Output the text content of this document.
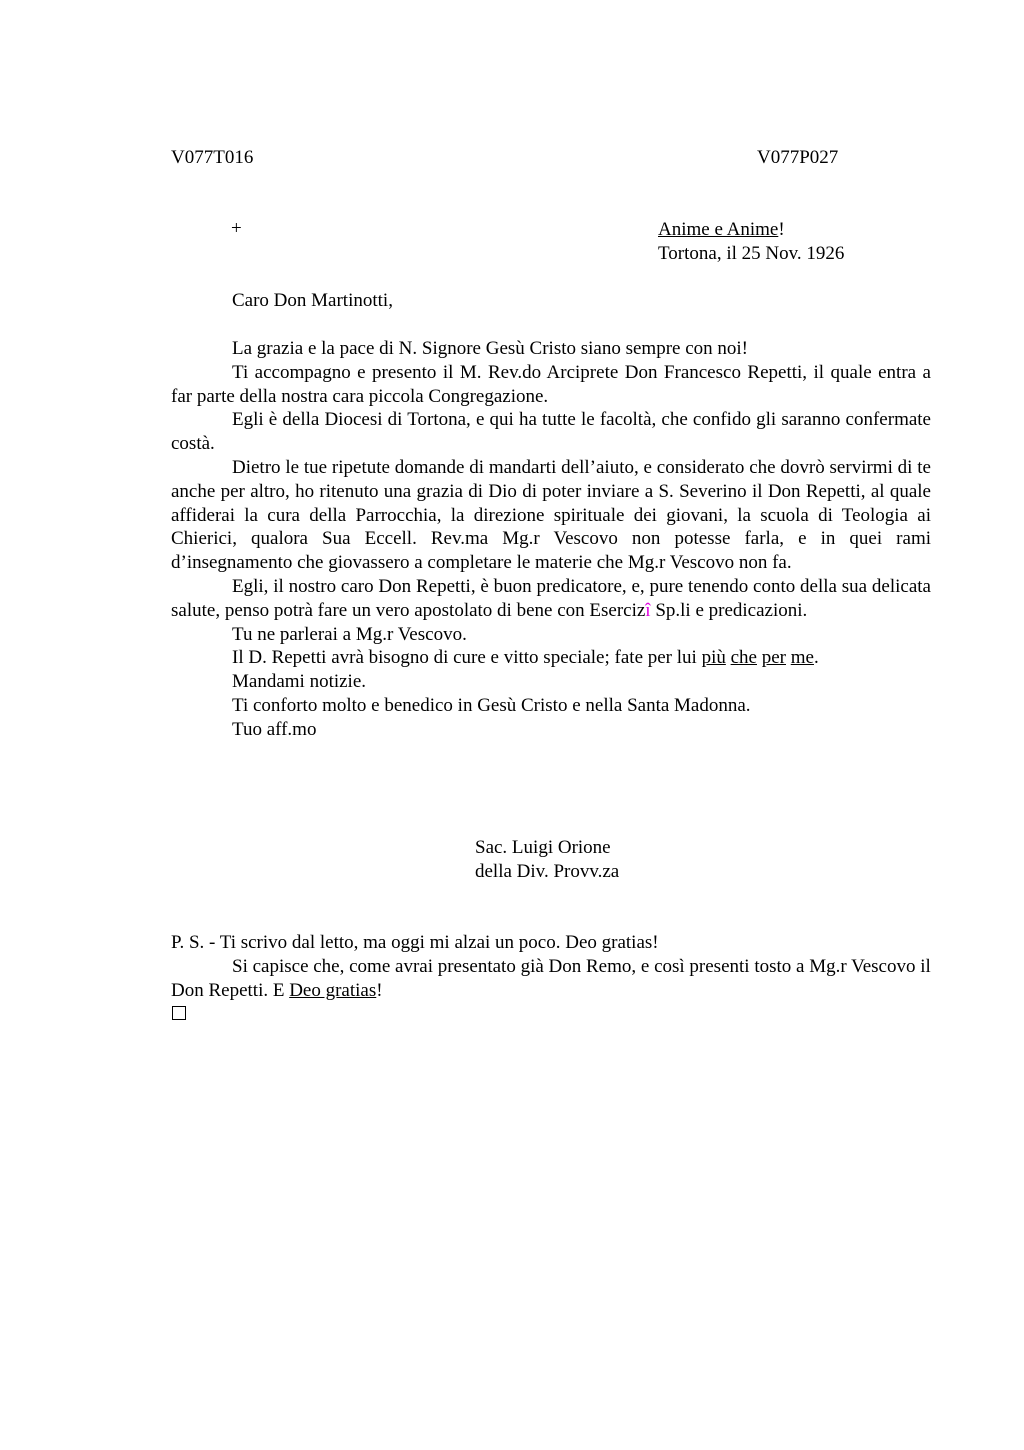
V077T016	V077P027
+	Anime e Anime!
Tortona, il 25 Nov. 1926
Caro Don Martinotti,

La grazia e la pace di N. Signore Gesù Cristo siano sempre con noi!

Ti accompagno e presento il M. Rev.do Arciprete Don Francesco Repetti, il quale entra a far parte della nostra cara piccola Congregazione.

Egli è della Diocesi di Tortona, e qui ha tutte le facoltà, che confido gli saranno confermate costà.

Dietro le tue ripetute domande di mandarti dell’aiuto, e considerato che dovrò servirmi di te anche per altro, ho ritenuto una grazia di Dio di poter inviare a S. Severino il Don Repetti, al quale affiderai la cura della Parrocchia, la direzione spirituale dei giovani, la scuola di Teologia ai Chierici, qualora Sua Eccell. Rev.ma Mg.r Vescovo non potesse farla, e in quei rami d’insegnamento che giovassero a completare le materie che Mg.r Vescovo non fa.

Egli, il nostro caro Don Repetti, è buon predicatore, e, pure tenendo conto della sua delicata salute, penso potrà fare un vero apostolato di bene con Esercizî Sp.li e predicazioni.

Tu ne parlerai a Mg.r Vescovo.

Il D. Repetti avrà bisogno di cure e vitto speciale; fate per lui più che per me.

Mandami notizie.

Ti conforto molto e benedico in Gesù Cristo e nella Santa Madonna.

Tuo aff.mo

Sac. Luigi Orione
della Div. Provv.za

P. S. - Ti scrivo dal letto, ma oggi mi alzai un poco. Deo gratias!

Si capisce che, come avrai presentato già Don Remo, e così presenti tosto a Mg.r Vescovo il Don Repetti. E Deo gratias!
